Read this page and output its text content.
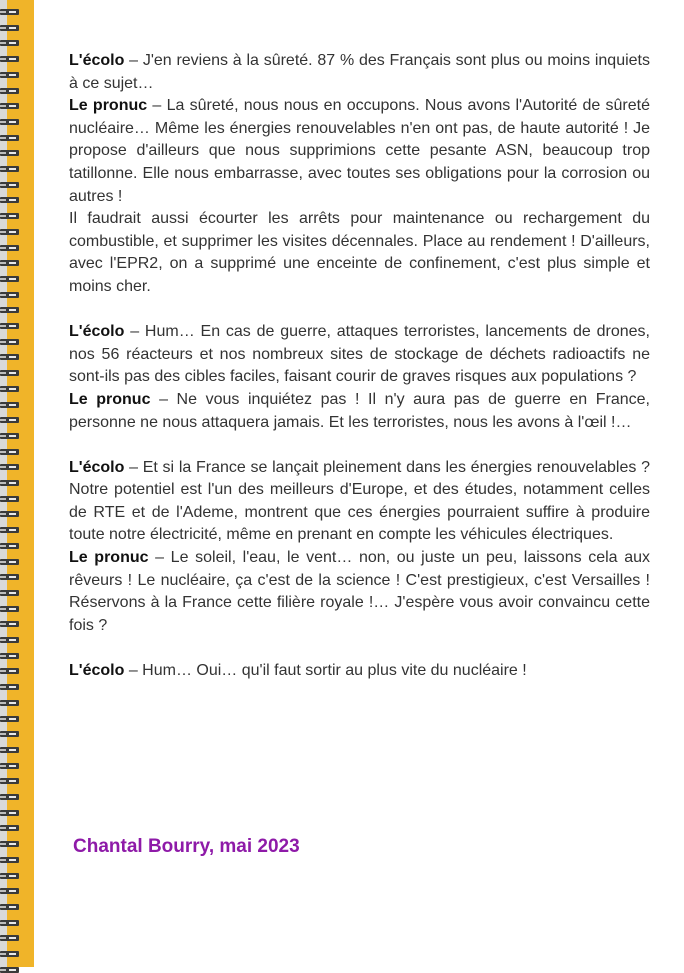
L'écolo – J'en reviens à la sûreté. 87 % des Français sont plus ou moins inquiets à ce sujet…

Le pronuc – La sûreté, nous nous en occupons. Nous avons l'Autorité de sûreté nucléaire… Même les énergies renouvelables n'en ont pas, de haute autorité ! Je propose d'ailleurs que nous supprimions cette pesante ASN, beaucoup trop tatillonne. Elle nous embarrasse, avec toutes ses obligations pour la corrosion ou autres !

Il faudrait aussi écourter les arrêts pour maintenance ou rechargement du combustible, et supprimer les visites décennales. Place au rendement ! D'ailleurs, avec l'EPR2, on a supprimé une enceinte de confinement, c'est plus simple et moins cher.

L'écolo – Hum… En cas de guerre, attaques terroristes, lancements de drones, nos 56 réacteurs et nos nombreux sites de stockage de déchets radioactifs ne sont-ils pas des cibles faciles, faisant courir de graves risques aux populations ?

Le pronuc – Ne vous inquiétez pas ! Il n'y aura pas de guerre en France, personne ne nous attaquera jamais. Et les terroristes, nous les avons à l'œil !…

L'écolo – Et si la France se lançait pleinement dans les énergies renouvelables ? Notre potentiel est l'un des meilleurs d'Europe, et des études, notamment celles de RTE et de l'Ademe, montrent que ces énergies pourraient suffire à produire toute notre électricité, même en prenant en compte les véhicules électriques.

Le pronuc – Le soleil, l'eau, le vent… non, ou juste un peu, laissons cela aux rêveurs ! Le nucléaire, ça c'est de la science ! C'est prestigieux, c'est Versailles ! Réservons à la France cette filière royale !… J'espère vous avoir convaincu cette fois ?

L'écolo – Hum… Oui… qu'il faut sortir au plus vite du nucléaire !

Chantal Bourry, mai 2023
